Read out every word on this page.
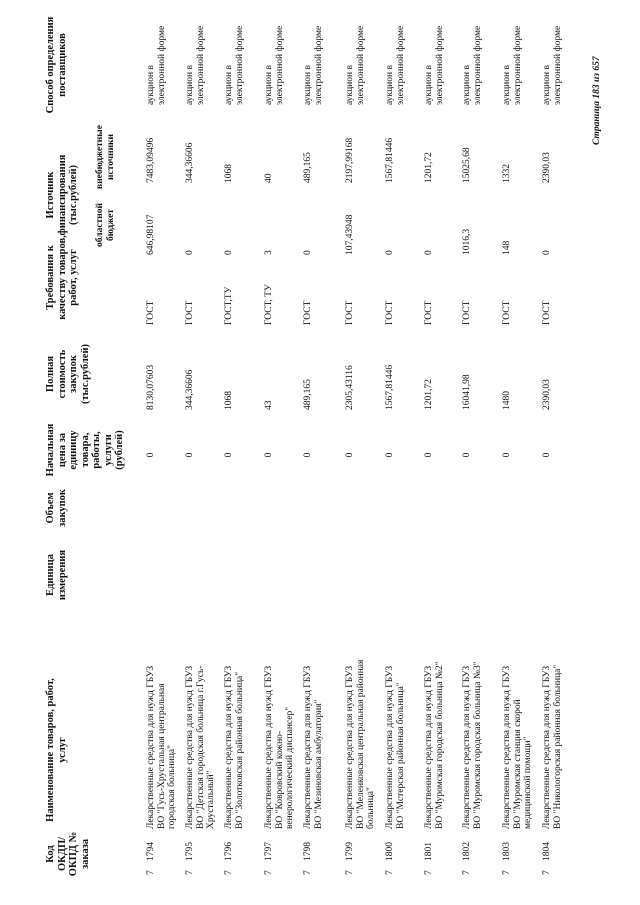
Код ОКДП/ ОКПД № заказа
Наименование товаров, работ, услуг
Единица измерения
Объем закупок
Начальная цена за единицу товара, работы, услуги (рублей)
Полная стоимость закупок (тыс.рублей)
Требования к качеству товаров, работ, услуг
Источник финансирования (тыс.рублей) областной бюджет
внебюджетные источники
Способ определения поставщиков
7
1794
Лекарственные средства для нужд ГБУЗ ВО "Гусь-Хрустальная центральная городская больница"
0
8130,07603
ГОСТ
646,98107
7483,09496
аукцион в электронной форме
7
1795
Лекарственные средства для нужд ГБУЗ ВО "Детская городская больница г.Гусь-Хрустальный"
0
344,36606
ГОСТ
0
344,36606
аукцион в электронной форме
7
1796
Лекарственные средства для нужд ГБУЗ ВО "Золотковская районная больница"
0
1068
ГОСТ,ТУ
0
1068
аукцион в электронной форме
7
1797
Лекарственные средства для нужд ГБУЗ ВО "Ковровский кожно-венерологический диспансер"
0
43
ГОСТ, ТУ
3
40
аукцион в электронной форме
7
1798
Лекарственные средства для нужд ГБУЗ ВО "Мезиновская амбулатория"
0
489,165
ГОСТ
0
489,165
аукцион в электронной форме
7
1799
Лекарственные средства для нужд ГБУЗ ВО "Меленковская центральная районная больница"
0
2305,43116
ГОСТ
107,43948
2197,99168
аукцион в электронной форме
7
1800
Лекарственные средства для нужд ГБУЗ ВО "Мстерская районная больница"
0
1567,81446
ГОСТ
0
1567,81446
аукцион в электронной форме
7
1801
Лекарственные средства для нужд ГБУЗ ВО "Муромская городская больница №2"
0
1201,72
ГОСТ
0
1201,72
аукцион в электронной форме
7
1802
Лекарственные средства для нужд ГБУЗ ВО "Муромская городская больница №3"
0
16041,98
ГОСТ
1016,3
15025,68
аукцион в электронной форме
7
1803
Лекарственные средства для нужд ГБУЗ ВО "Муромская станция скорой медицинской помощи"
0
1480
ГОСТ
148
1332
аукцион в электронной форме
7
1804
Лекарственные средства для нужд ГБУЗ ВО "Никологорская районная больница"
0
2390,03
ГОСТ
0
2390,03
аукцион в электронной форме	Страница 183 из 657
